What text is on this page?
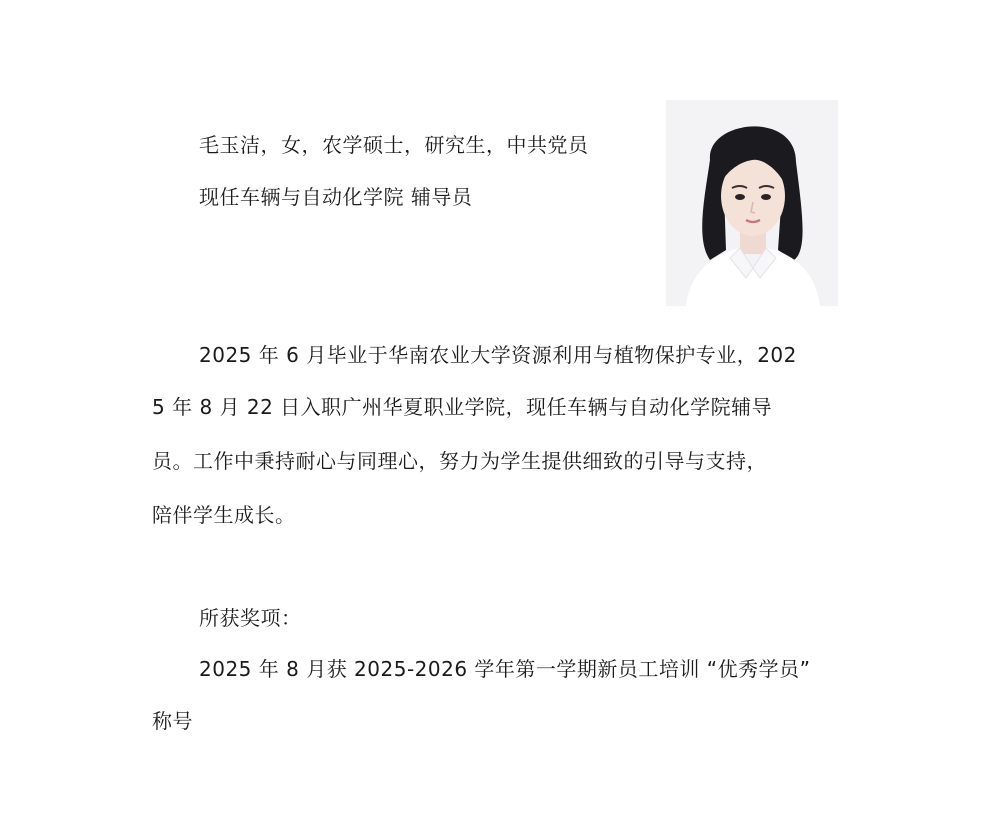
毛玉洁，女，农学硕士，研究生，中共党员
现任车辆与自动化学院 辅导员
2025 年 6 月毕业于华南农业大学资源利用与植物保护专业，202
5 年 8 月 22 日入职广州华夏职业学院，现任车辆与自动化学院辅导
员。工作中秉持耐心与同理心，努力为学生提供细致的引导与支持，
陪伴学生成长。
所获奖项：
2025 年 8 月获 2025-2026 学年第一学期新员工培训 “优秀学员”
称号
